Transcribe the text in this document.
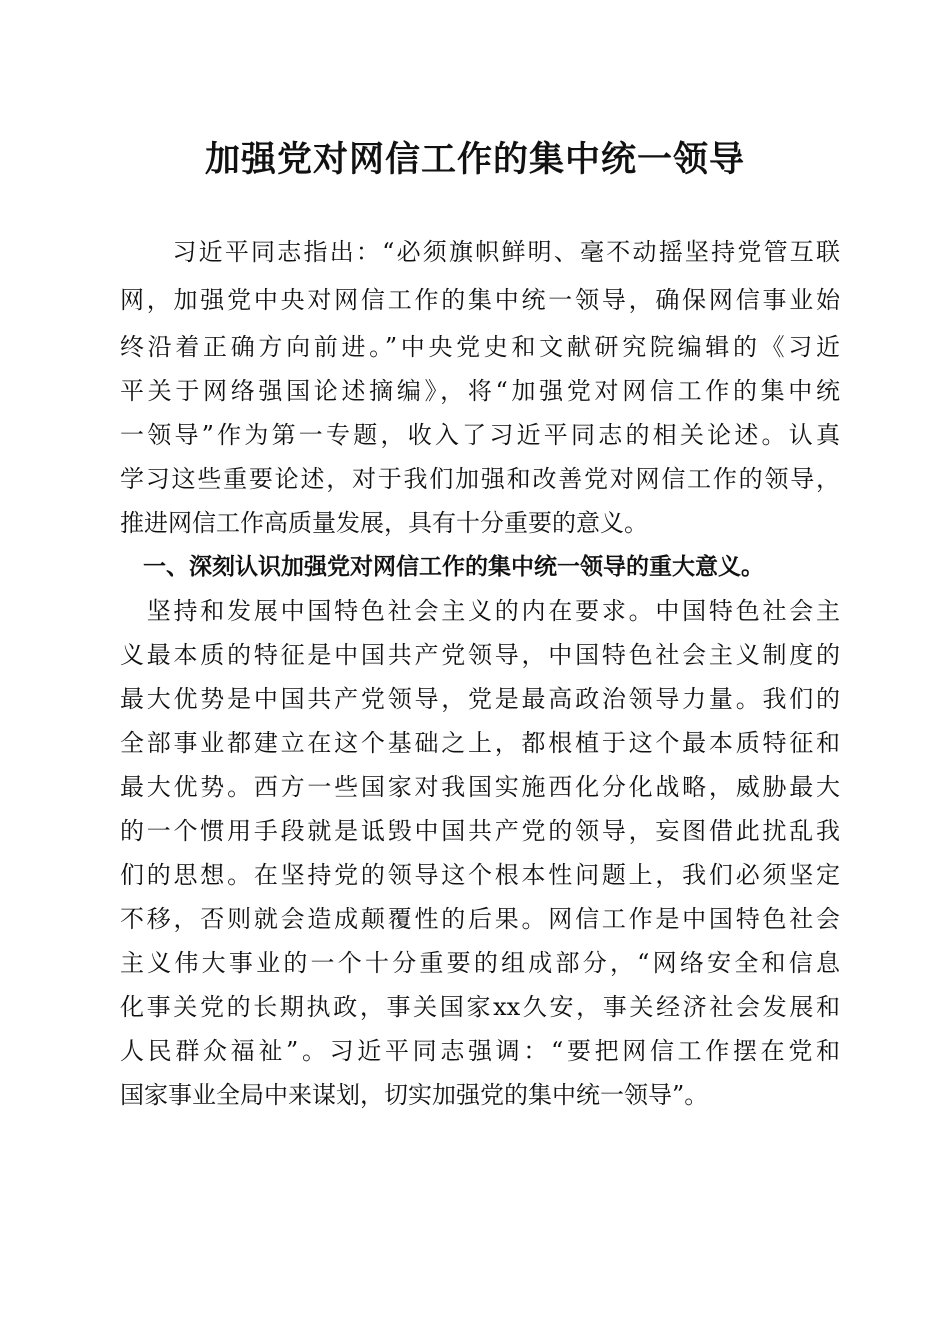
加强党对网信工作的集中统一领导
　　习近平同志指出：“必须旗帜鲜明、毫不动摇坚持党管互联
网，加强党中央对网信工作的集中统一领导，确保网信事业始
终沿着正确方向前进。”中央党史和文献研究院编辑的《习近
平关于网络强国论述摘编》，将“加强党对网信工作的集中统
一领导”作为第一专题，收入了习近平同志的相关论述。认真
学习这些重要论述，对于我们加强和改善党对网信工作的领导，
推进网信工作高质量发展，具有十分重要的意义。
　一、深刻认识加强党对网信工作的集中统一领导的重大意义。
　坚持和发展中国特色社会主义的内在要求。中国特色社会主
义最本质的特征是中国共产党领导，中国特色社会主义制度的
最大优势是中国共产党领导，党是最高政治领导力量。我们的
全部事业都建立在这个基础之上，都根植于这个最本质特征和
最大优势。西方一些国家对我国实施西化分化战略，威胁最大
的一个惯用手段就是诋毁中国共产党的领导，妄图借此扰乱我
们的思想。在坚持党的领导这个根本性问题上，我们必须坚定
不移，否则就会造成颠覆性的后果。网信工作是中国特色社会
主义伟大事业的一个十分重要的组成部分，“网络安全和信息
化事关党的长期执政，事关国家xx久安，事关经济社会发展和
人民群众福祉”。习近平同志强调：“要把网信工作摆在党和
国家事业全局中来谋划，切实加强党的集中统一领导”。
